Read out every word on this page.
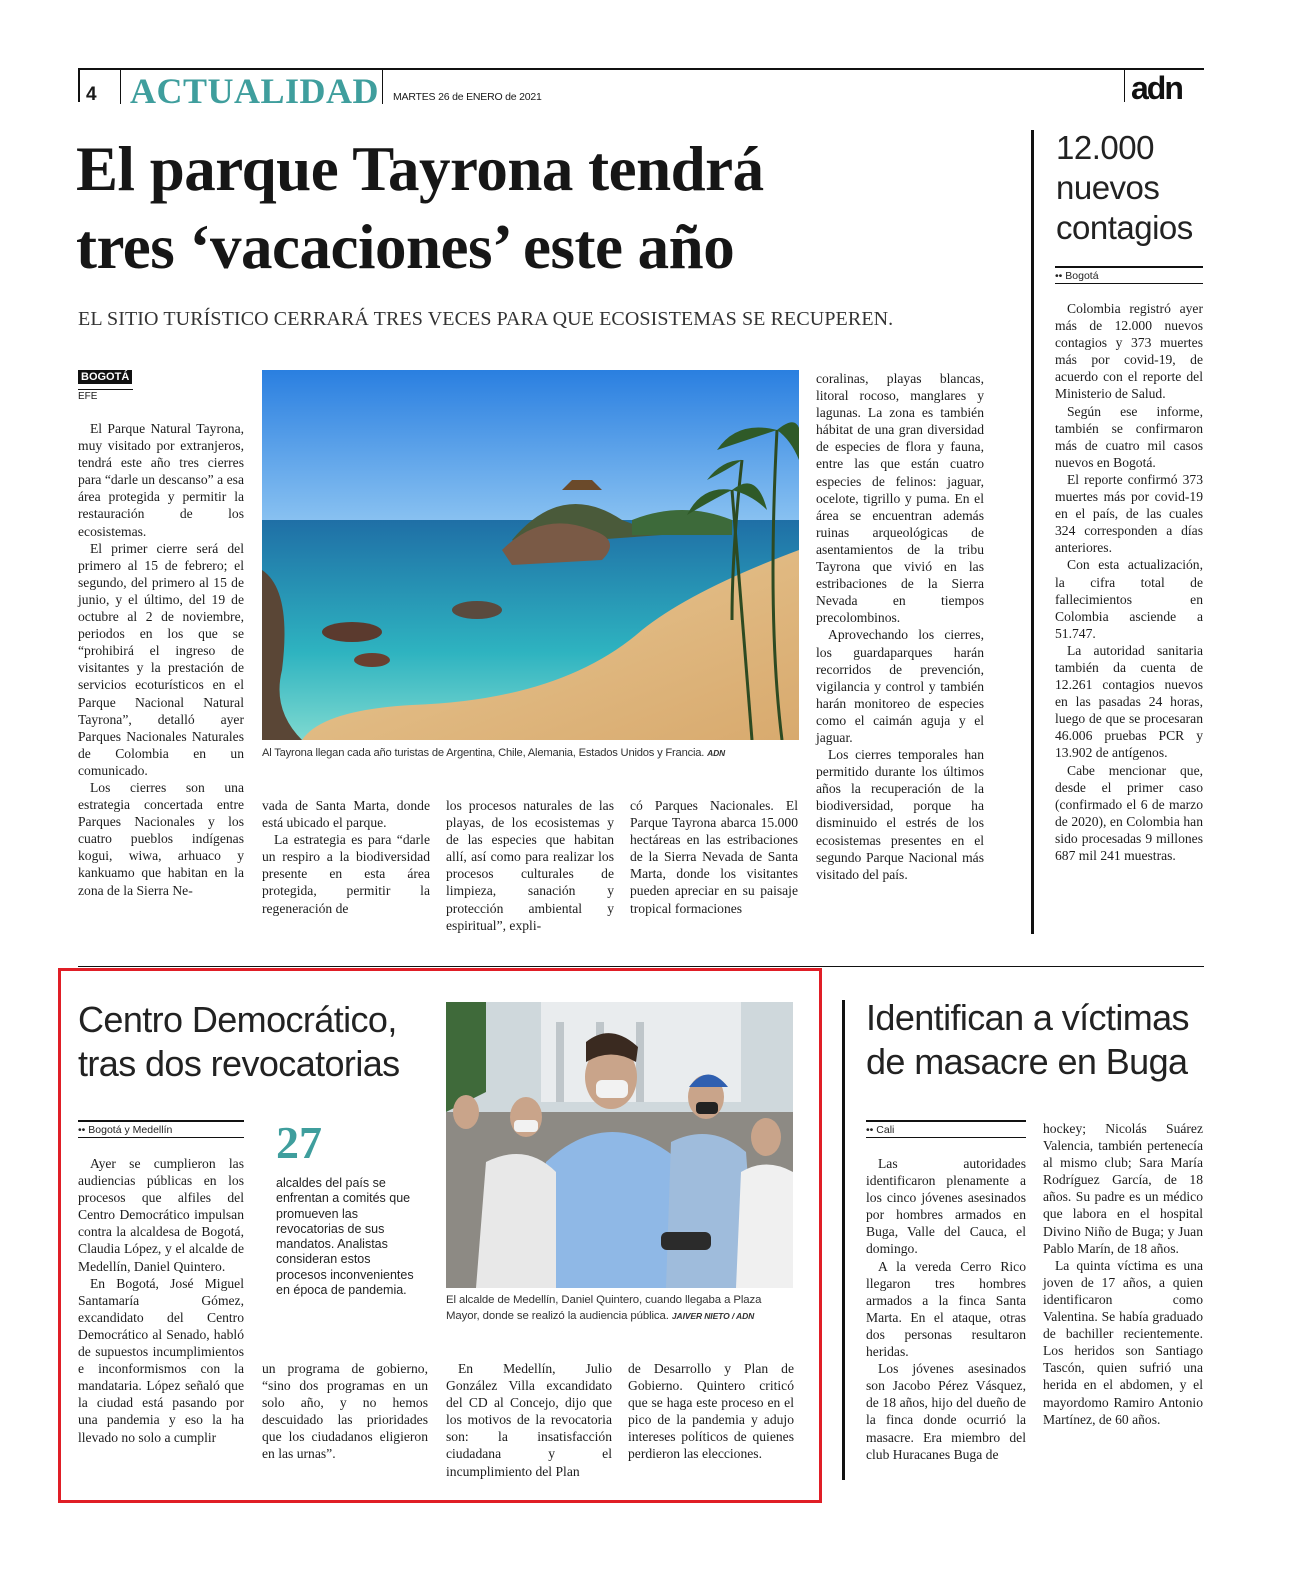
4 ACTUALIDAD MARTES 26 de ENERO de 2021	adn
El parque Tayrona tendrá
tres ‘vacaciones’ este año
EL SITIO TURÍSTICO CERRARÁ TRES VECES PARA QUE ECOSISTEMAS SE RECUPEREN.
BOGOTÁ
EFE

El Parque Natural Tayrona, muy visitado por extranjeros, tendrá este año tres cierres para “darle un descanso” a esa área protegida y permitir la restauración de los ecosistemas.

El primer cierre será del primero al 15 de febrero; el segundo, del primero al 15 de junio, y el último, del 19 de octubre al 2 de noviembre, periodos en los que se “prohibirá el ingreso de visitantes y la prestación de servicios ecoturísticos en el Parque Nacional Natural Tayrona”, detalló ayer Parques Nacionales Naturales de Colombia en un comunicado.

Los cierres son una estrategia concertada entre Parques Nacionales y los cuatro pueblos indígenas kogui, wiwa, arhuaco y kankuamo que habitan en la zona de la Sierra Ne-

Al Tayrona llegan cada año turistas de Argentina, Chile, Alemania, Estados Unidos y Francia. ADN

vada de Santa Marta, donde está ubicado el parque.

La estrategia es para “darle un respiro a la biodiversidad presente en esta área protegida, permitir la regeneración de

los procesos naturales de las playas, de los ecosistemas y de las especies que habitan allí, así como para realizar los procesos culturales de limpieza, sanación y protección ambiental y espiritual”, expli-

có Parques Nacionales. El Parque Tayrona abarca 15.000 hectáreas en las estribaciones de la Sierra Nevada de Santa Marta, donde los visitantes pueden apreciar en su paisaje tropical formaciones

coralinas, playas blancas, litoral rocoso, manglares y lagunas. La zona es también hábitat de una gran diversidad de especies de flora y fauna, entre las que están cuatro especies de felinos: jaguar, ocelote, tigrillo y puma. En el área se encuentran además ruinas arqueológicas de asentamientos de la tribu Tayrona que vivió en las estribaciones de la Sierra Nevada en tiempos precolombinos.

Aprovechando los cierres, los guardaparques harán recorridos de prevención, vigilancia y control y también harán monitoreo de especies como el caimán aguja y el jaguar.

Los cierres temporales han permitido durante los últimos años la recuperación de la biodiversidad, porque ha disminuido el estrés de los ecosistemas presentes en el segundo Parque Nacional más visitado del país.

12.000
nuevos
contagios
•• Bogotá

Colombia registró ayer más de 12.000 nuevos contagios y 373 muertes más por covid-19, de acuerdo con el reporte del Ministerio de Salud.

Según ese informe, también se confirmaron más de cuatro mil casos nuevos en Bogotá.

El reporte confirmó 373 muertes más por covid-19 en el país, de las cuales 324 corresponden a días anteriores.

Con esta actualización, la cifra total de fallecimientos en Colombia asciende a 51.747.

La autoridad sanitaria también da cuenta de 12.261 contagios nuevos en las pasadas 24 horas, luego de que se procesaran 46.006 pruebas PCR y 13.902 de antígenos.

Cabe mencionar que, desde el primer caso (confirmado el 6 de marzo de 2020), en Colombia han sido procesadas 9 millones 687 mil 241 muestras.

Centro Democrático,
tras dos revocatorias
•• Bogotá y Medellín

Ayer se cumplieron las audiencias públicas en los procesos que alfiles del Centro Democrático impulsan contra la alcaldesa de Bogotá, Claudia López, y el alcalde de Medellín, Daniel Quintero.

En Bogotá, José Miguel Santamaría Gómez, excandidato del Centro Democrático al Senado, habló de supuestos incumplimientos e inconformismos con la mandataria. López señaló que la ciudad está pasando por una pandemia y eso la ha llevado no solo a cumplir

27
alcaldes del país se enfrentan a comités que promueven las revocatorias de sus mandatos. Analistas consideran estos procesos inconvenientes en época de pandemia.
El alcalde de Medellín, Daniel Quintero, cuando llegaba a Plaza Mayor, donde se realizó la audiencia pública. JAIVER NIETO / ADN

un programa de gobierno, “sino dos programas en un solo año, y no hemos descuidado las prioridades que los ciudadanos eligieron en las urnas”.

En Medellín, Julio González Villa excandidato del CD al Concejo, dijo que los motivos de la revocatoria son: la insatisfacción ciudadana y el incumplimiento del Plan

de Desarrollo y Plan de Gobierno. Quintero criticó que se haga este proceso en el pico de la pandemia y adujo intereses políticos de quienes perdieron las elecciones.

Identifican a víctimas
de masacre en Buga
•• Cali

Las autoridades identificaron plenamente a los cinco jóvenes asesinados por hombres armados en Buga, Valle del Cauca, el domingo.

A la vereda Cerro Rico llegaron tres hombres armados a la finca Santa Marta. En el ataque, otras dos personas resultaron heridas.

Los jóvenes asesinados son Jacobo Pérez Vásquez, de 18 años, hijo del dueño de la finca donde ocurrió la masacre. Era miembro del club Huracanes Buga de

hockey; Nicolás Suárez Valencia, también pertenecía al mismo club; Sara María Rodríguez García, de 18 años. Su padre es un médico que labora en el hospital Divino Niño de Buga; y Juan Pablo Marín, de 18 años.

La quinta víctima es una joven de 17 años, a quien identificaron como Valentina. Se había graduado de bachiller recientemente. Los heridos son Santiago Tascón, quien sufrió una herida en el abdomen, y el mayordomo Ramiro Antonio Martínez, de 60 años.
